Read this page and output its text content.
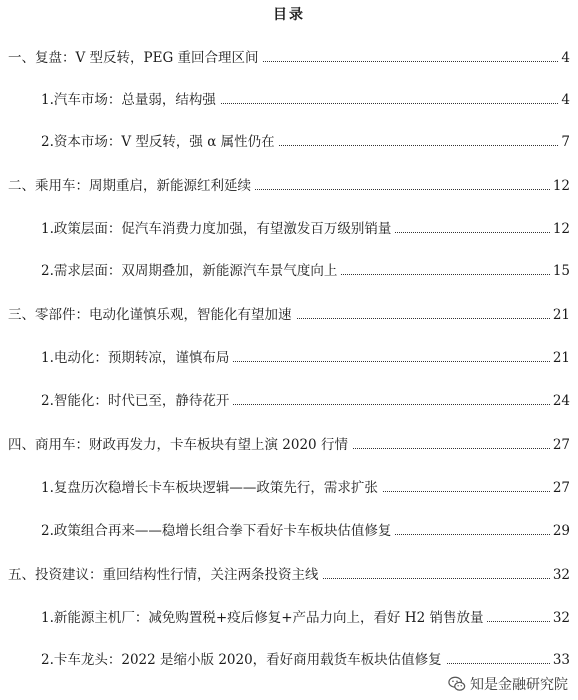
目录
一、复盘：V 型反转，PEG 重回合理区间	4
1.汽车市场：总量弱，结构强	4
2.资本市场：V 型反转，强 α 属性仍在	7
二、乘用车：周期重启，新能源红利延续	12
1.政策层面：促汽车消费力度加强，有望激发百万级别销量	12
2.需求层面：双周期叠加，新能源汽车景气度向上	15
三、零部件：电动化谨慎乐观，智能化有望加速	21
1.电动化：预期转凉，谨慎布局	21
2.智能化：时代已至，静待花开	24
四、商用车：财政再发力，卡车板块有望上演 2020 行情	27
1.复盘历次稳增长卡车板块逻辑——政策先行，需求扩张	27
2.政策组合再来——稳增长组合拳下看好卡车板块估值修复	29
五、投资建议：重回结构性行情，关注两条投资主线	32
1.新能源主机厂：减免购置税+疫后修复+产品力向上，看好 H2 销售放量	32
2.卡车龙头：2022 是缩小版 2020，看好商用载货车板块估值修复	33
知是金融研究院
